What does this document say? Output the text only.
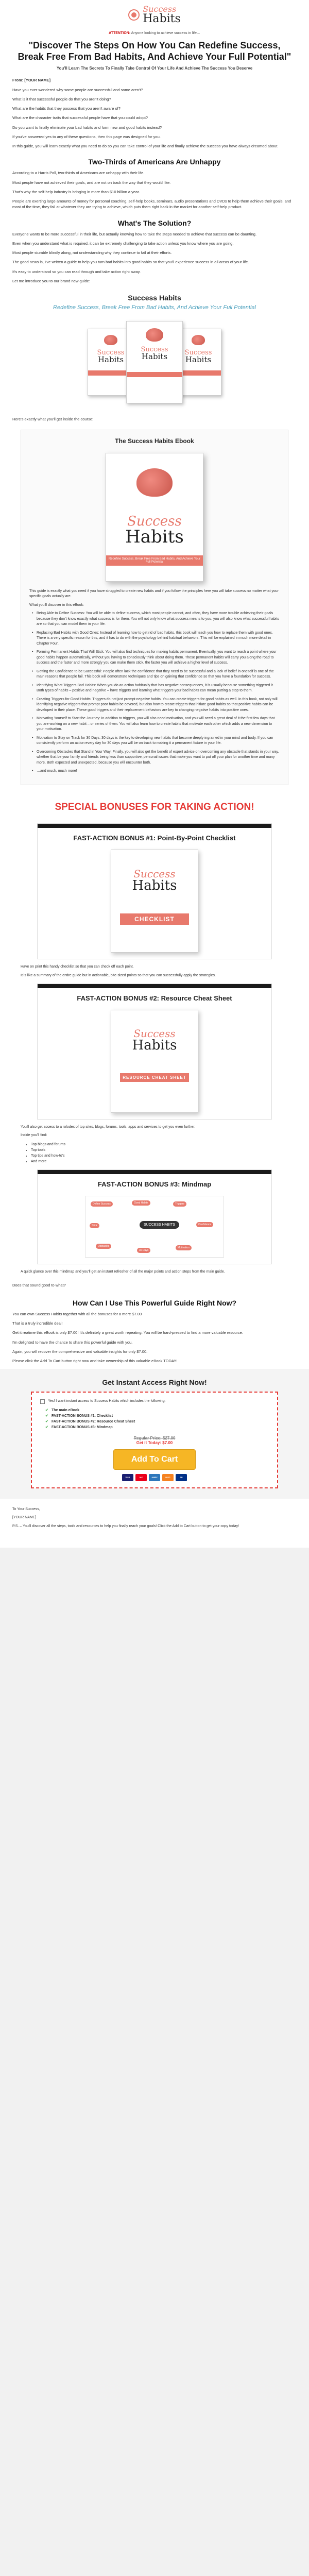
Success
Habits
ATTENTION: Anyone looking to achieve success in life…
"Discover The Steps On How You Can Redefine Success, Break Free From Bad Habits, And Achieve Your Full Potential"
You'll Learn The Secrets To Finally Take Control Of Your Life And Achieve The Success You Deserve

From: [YOUR NAME]

Have you ever wondered why some people are successful and some aren't?

What is it that successful people do that you aren't doing?

What are the habits that they possess that you aren't aware of?

What are the character traits that successful people have that you could adopt?

Do you want to finally eliminate your bad habits and form new and good habits instead?

If you've answered yes to any of these questions, then this page was designed for you.

In this guide, you will learn exactly what you need to do so you can take control of your life and finally achieve the success you have always dreamed about.

Two-Thirds of Americans Are Unhappy

According to a Harris Poll, two-thirds of Americans are unhappy with their life.

Most people have not achieved their goals, and are not on track the way that they would like.

That's why the self-help industry is bringing in more than $10 billion a year.

People are exerting large amounts of money for personal coaching, self-help books, seminars, audio presentations and DVDs to help them achieve their goals, and most of the time, they fail at whatever they are trying to achieve, which puts them right back in the market for another self-help product.

What's The Solution?

Everyone wants to be more successful in their life, but actually knowing how to take the steps needed to achieve that success can be daunting.

Even when you understand what is required, it can be extremely challenging to take action unless you know where you are going.

Most people stumble blindly along, not understanding why they continue to fail at their efforts.

The good news is, I've written a guide to help you turn bad habits into good habits so that you'll experience success in all areas of your life.

It's easy to understand so you can read through and take action right away.

Let me introduce you to our brand new guide:

Success Habits
Redefine Success, Break Free From Bad Habits, And Achieve Your Full Potential
Success
Habits
Success
Habits	Success
Habits

Here's exactly what you'll get inside the course:

The Success Habits Ebook
Success
Habits
Redefine Success, Break Free From Bad Habits, And Achieve Your Full Potential

This guide is exactly what you need if you have struggled to create new habits and if you follow the principles here you will take success no matter what your specific goals actually are.

What you'll discover in this eBook:

• Being Able to Define Success: You will be able to define success, which most people cannot, and often, they have more trouble achieving their goals because they don't know exactly what success is for them. You will not only know what success means to you, you will also know what successful habits are so that you can model them in your life.
• Replacing Bad Habits with Good Ones: Instead of learning how to get rid of bad habits, this book will teach you how to replace them with good ones. There is a very specific reason for this, and it has to do with the psychology behind habitual behaviors. This will be explained in much more detail in Chapter Four.
• Forming Permanent Habits That Will Stick: You will also find techniques for making habits permanent. Eventually, you want to reach a point where your good habits happen automatically, without you having to consciously think about doing them. These permanent habits will carry you along the road to success and the faster and more strongly you can make them stick, the faster you will achieve a higher level of success.
• Getting the Confidence to be Successful: People often lack the confidence that they need to be successful and a lack of belief in oneself is one of the main reasons that people fail. This book will demonstrate techniques and tips on gaining that confidence so that you have a foundation for success.
• Identifying What Triggers Bad Habits: When you do an action habitually that has negative consequences, it is usually because something triggered it. Both types of habits – positive and negative – have triggers and learning what triggers your bad habits can mean putting a stop to them.
• Creating Triggers for Good Habits: Triggers do not just prompt negative habits. You can create triggers for good habits as well. In this book, not only will identifying negative triggers that prompt poor habits be covered, but also how to create triggers that initiate good habits so that positive habits can be developed in their place. These good triggers and their replacement behaviors are key to changing negative habits into positive ones.
• Motivating Yourself to Start the Journey: In addition to triggers, you will also need motivation, and you will need a great deal of it the first few days that you are working on a new habit – or series of them. You will also learn how to create habits that motivate each other which adds a new dimension to your motivation.
• Motivation to Stay on Track for 30 Days: 30 days is the key to developing new habits that become deeply ingrained in your mind and body. If you can consistently perform an action every day for 30 days you will be on track to making it a permanent fixture in your life.
• Overcoming Obstacles that Stand in Your Way: Finally, you will also get the benefit of expert advice on overcoming any obstacle that stands in your way, whether that be your family and friends being less than supportive, personal issues that make you want to put off your plan for another time and many more. Both expected and unexpected, because you will encounter both.
• …and much, much more!
SPECIAL BONUSES FOR TAKING ACTION!
FAST-ACTION BONUS #1: Point-By-Point Checklist
Success
Habits
CHECKLIST

Have on print this handy checklist so that you can check off each point.

It is like a summary of the entire guide but in actionable, bite-sized points so that you can successfully apply the strategies.

FAST-ACTION BONUS #2: Resource Cheat Sheet
Success
Habits
RESOURCE CHEAT SHEET

You'll also get access to a rolodex of top sites, blogs, forums, tools, apps and services to get you even further.

Inside you'll find:

• Top blogs and forums
• Top tools
• Top tips and how-to's
• And more
FAST-ACTION BONUS #3: Mindmap
SUCCESS HABITS
Define Success	Good Habits	Triggers
Confidence
Motivation
30 Days
Obstacles
Stick

A quick glance over this mindmap and you'll get an instant refresher of all the major points and action steps from the main guide.

Does that sound good to what?

How Can I Use This Powerful Guide Right Now?

You can own Success Habits together with all the bonuses for a mere $7.00

That is a truly incredible deal!

Get it reatime this eBook is only $7.00! It's definitely a great worth repeating. You will be hard-pressed to find a more valuable resource.

I'm delighted to have the chance to share this powerful guide with you.

Again, you will recover the comprehensive and valuable insights for only $7.00.

Please click the Add To Cart button right now and take ownership of this valuable eBook TODAY!

Get Instant Access Right Now!
Yes! I want instant access to Success Habits which includes the following:
✔ The main eBook
✔ FAST-ACTION BONUS #1: Checklist
✔ FAST-ACTION BONUS #2: Resource Cheat Sheet
✔ FAST-ACTION BONUS #3: Mindmap
Regular Price: $27.00
Get it Today: $7.00
Add To Cart
VISA	MC	AMEX	DISC	PP

To Your Success,

[YOUR NAME]

P.S. – You'll discover all the steps, tools and resources to help you finally reach your goals! Click the Add to Cart button to get your copy today!
